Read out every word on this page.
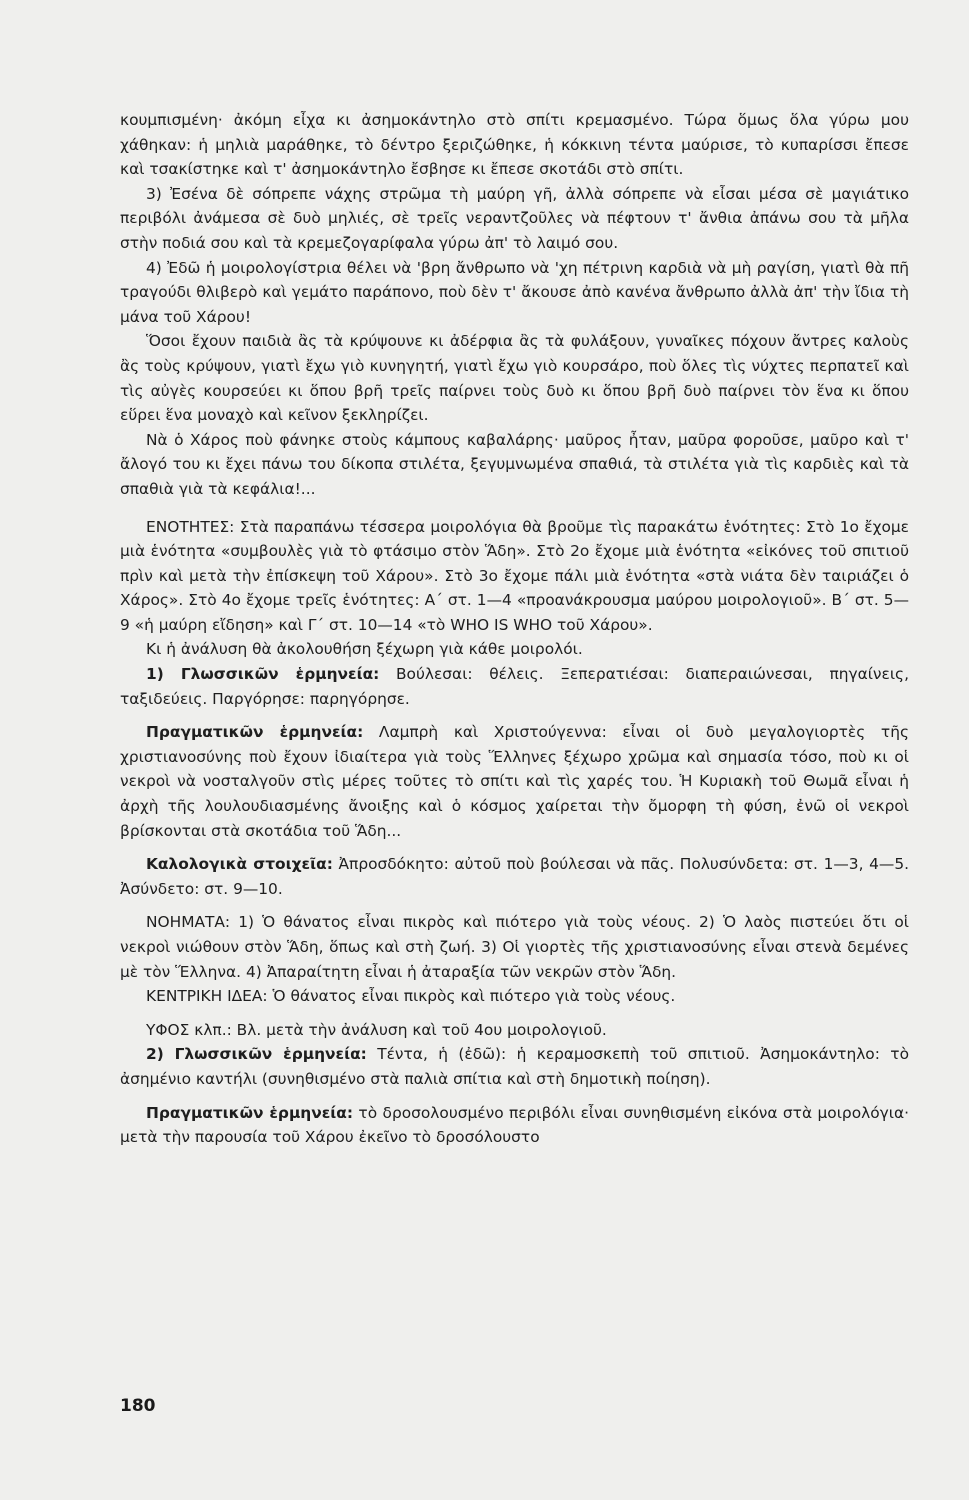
κουμπισμένη· ἀκόμη εἶχα κι ἀσημοκάντηλο στὸ σπίτι κρεμασμένο. Τώρα ὅμως ὅλα γύρω μου χάθηκαν: ἡ μηλιὰ μαράθηκε, τὸ δέντρο ξεριζώθηκε, ἡ κόκκινη τέντα μαύρισε, τὸ κυπαρίσσι ἔπεσε καὶ τσακίστηκε καὶ τ' ἀσημοκάντηλο ἔσβησε κι ἔπεσε σκοτάδι στὸ σπίτι.

3) Ἐσένα δὲ σόπρεπε νάχης στρῶμα τὴ μαύρη γῆ, ἀλλὰ σόπρεπε νὰ εἶσαι μέσα σὲ μαγιάτικο περιβόλι ἀνάμεσα σὲ δυὸ μηλιές, σὲ τρεῖς νεραντζοῦλες νὰ πέφτουν τ' ἄνθια ἀπάνω σου τὰ μῆλα στὴν ποδιά σου καὶ τὰ κρεμεζογαρίφαλα γύρω ἀπ' τὸ λαιμό σου.

4) Ἐδῶ ἡ μοιρολογίστρια θέλει νὰ 'βρη ἄνθρωπο νὰ 'χη πέτρινη καρδιὰ νὰ μὴ ραγίση, γιατὶ θὰ πῆ τραγούδι θλιβερὸ καὶ γεμάτο παράπονο, ποὺ δὲν τ' ἄκουσε ἀπὸ κανένα ἄνθρωπο ἀλλὰ ἀπ' τὴν ἴδια τὴ μάνα τοῦ Χάρου!

Ὅσοι ἔχουν παιδιὰ ἂς τὰ κρύψουνε κι ἀδέρφια ἂς τὰ φυλάξουν, γυναῖκες πόχουν ἄντρες καλοὺς ἂς τοὺς κρύψουν, γιατὶ ἔχω γιὸ κυνηγητή, γιατὶ ἔχω γιὸ κουρσάρο, ποὺ ὅλες τὶς νύχτες περπατεῖ καὶ τὶς αὐγὲς κουρσεύει κι ὅπου βρῆ τρεῖς παίρνει τοὺς δυὸ κι ὅπου βρῆ δυὸ παίρνει τὸν ἕνα κι ὅπου εὕρει ἕνα μοναχὸ καὶ κεῖνον ξεκληρίζει.

Νὰ ὁ Χάρος ποὺ φάνηκε στοὺς κάμπους καβαλάρης· μαῦρος ἦταν, μαῦρα φοροῦσε, μαῦρο καὶ τ' ἄλογό του κι ἔχει πάνω του δίκοπα στιλέτα, ξεγυμνωμένα σπαθιά, τὰ στιλέτα γιὰ τὶς καρδιὲς καὶ τὰ σπαθιὰ γιὰ τὰ κεφάλια!...

ΕΝΟΤΗΤΕΣ: Στὰ παραπάνω τέσσερα μοιρολόγια θὰ βροῦμε τὶς παρακάτω ἑνότητες: Στὸ 1ο ἔχομε μιὰ ἑνότητα «συμβουλὲς γιὰ τὸ φτάσιμο στὸν Ἅδη». Στὸ 2ο ἔχομε μιὰ ἑνότητα «εἰκόνες τοῦ σπιτιοῦ πρὶν καὶ μετὰ τὴν ἐπίσκεψη τοῦ Χάρου». Στὸ 3ο ἔχομε πάλι μιὰ ἑνότητα «στὰ νιάτα δὲν ταιριάζει ὁ Χάρος». Στὸ 4ο ἔχομε τρεῖς ἑνότητες: Α΄ στ. 1—4 «προανάκρουσμα μαύρου μοιρολογιοῦ». Β΄ στ. 5—9 «ἡ μαύρη εἴδηση» καὶ Γ΄ στ. 10—14 «τὸ WHO IS WHO τοῦ Χάρου».

Κι ἡ ἀνάλυση θὰ ἀκολουθήση ξέχωρη γιὰ κάθε μοιρολόι.

1) Γλωσσικῶν ἑρμηνεία: Βούλεσαι: θέλεις. Ξεπερατιέσαι: διαπεραιώνεσαι, πηγαίνεις, ταξιδεύεις. Παργόρησε: παρηγόρησε.

Πραγματικῶν ἑρμηνεία: Λαμπρὴ καὶ Χριστούγεννα: εἶναι οἱ δυὸ μεγαλογιορτὲς τῆς χριστιανοσύνης ποὺ ἔχουν ἰδιαίτερα γιὰ τοὺς Ἕλληνες ξέχωρο χρῶμα καὶ σημασία τόσο, ποὺ κι οἱ νεκροὶ νὰ νοσταλγοῦν στὶς μέρες τοῦτες τὸ σπίτι καὶ τὶς χαρές του. Ἡ Κυριακὴ τοῦ Θωμᾶ εἶναι ἡ ἀρχὴ τῆς λουλουδιασμένης ἄνοιξης καὶ ὁ κόσμος χαίρεται τὴν ὄμορφη τὴ φύση, ἐνῶ οἱ νεκροὶ βρίσκονται στὰ σκοτάδια τοῦ Ἅδη...

Καλολογικὰ στοιχεῖα: Ἀπροσδόκητο: αὐτοῦ ποὺ βούλεσαι νὰ πᾶς. Πολυσύνδετα: στ. 1—3, 4—5. Ἀσύνδετο: στ. 9—10.

ΝΟΗΜΑΤΑ: 1) Ὁ θάνατος εἶναι πικρὸς καὶ πιότερο γιὰ τοὺς νέους. 2) Ὁ λαὸς πιστεύει ὅτι οἱ νεκροὶ νιώθουν στὸν Ἅδη, ὅπως καὶ στὴ ζωή. 3) Οἱ γιορτὲς τῆς χριστιανοσύνης εἶναι στενὰ δεμένες μὲ τὸν Ἕλληνα. 4) Ἀπαραίτητη εἶναι ἡ ἀταραξία τῶν νεκρῶν στὸν Ἅδη.

ΚΕΝΤΡΙΚΗ ΙΔΕΑ: Ὁ θάνατος εἶναι πικρὸς καὶ πιότερο γιὰ τοὺς νέους.

ΥΦΟΣ κλπ.: Βλ. μετὰ τὴν ἀνάλυση καὶ τοῦ 4ου μοιρολογιοῦ.

2) Γλωσσικῶν ἑρμηνεία: Τέντα, ἡ (ἐδῶ): ἡ κεραμοσκεπὴ τοῦ σπιτιοῦ. Ἀσημοκάντηλο: τὸ ἀσημένιο καντήλι (συνηθισμένο στὰ παλιὰ σπίτια καὶ στὴ δημοτικὴ ποίηση).

Πραγματικῶν ἑρμηνεία: τὸ δροσολουσμένο περιβόλι εἶναι συνηθισμένη εἰκόνα στὰ μοιρολόγια· μετὰ τὴν παρουσία τοῦ Χάρου ἐκεῖνο τὸ δροσόλουστο

180
